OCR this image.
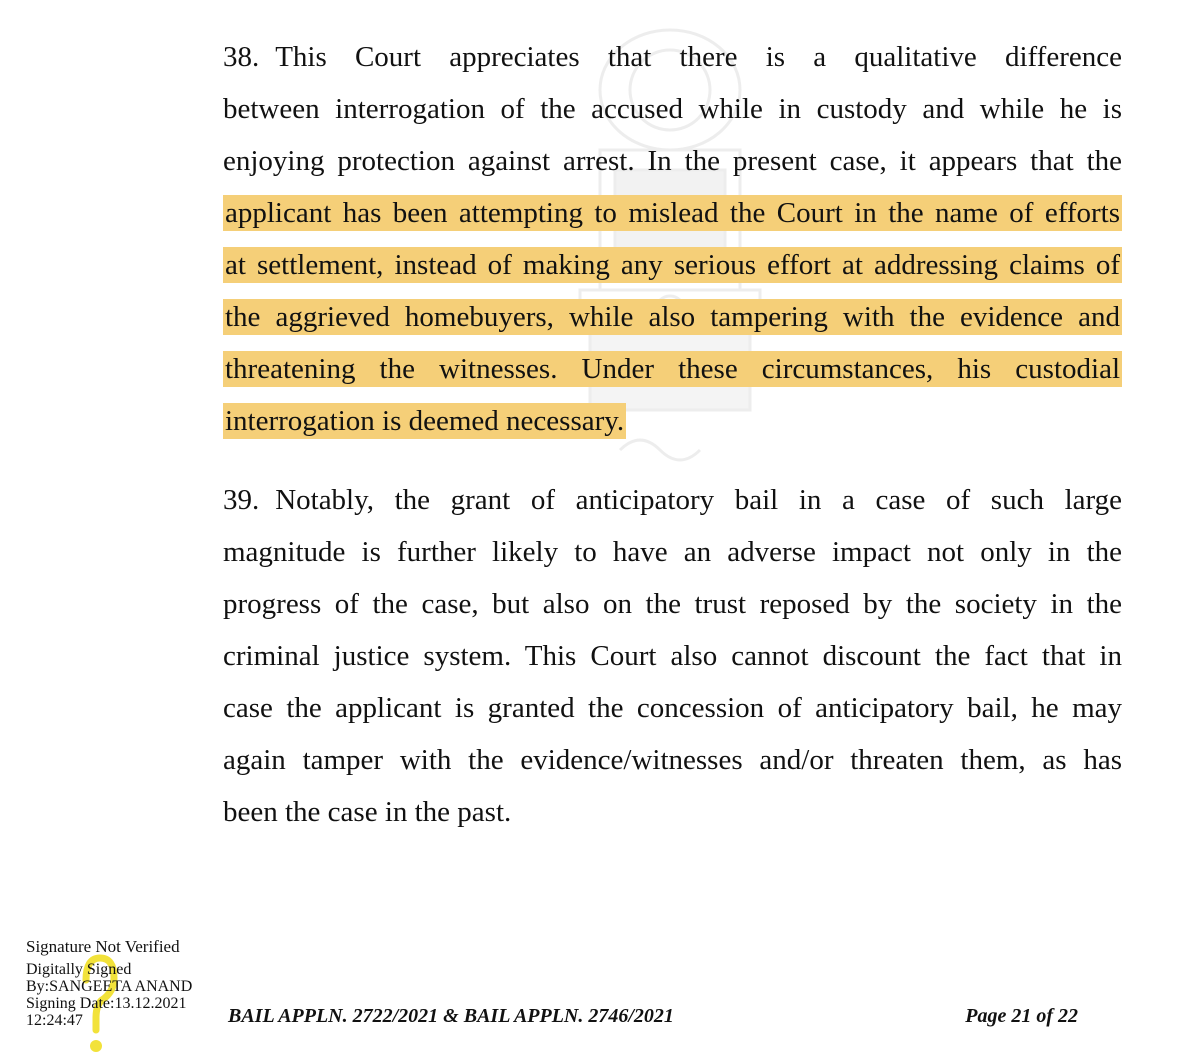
38. This Court appreciates that there is a qualitative difference
between interrogation of the accused while in custody and while he is
enjoying protection against arrest. In the present case, it appears that the
applicant has been attempting to mislead the Court in the name of efforts
at settlement, instead of making any serious effort at addressing claims of
the aggrieved homebuyers, while also tampering with the evidence and
threatening the witnesses. Under these circumstances, his custodial
interrogation is deemed necessary.
39. Notably, the grant of anticipatory bail in a case of such large
magnitude is further likely to have an adverse impact not only in the
progress of the case, but also on the trust reposed by the society in the
criminal justice system. This Court also cannot discount the fact that in
case the applicant is granted the concession of anticipatory bail, he may
again tamper with the evidence/witnesses and/or threaten them, as has
been the case in the past.
Signature Not Verified
Digitally Signed
By:SANGEETA ANAND
Signing Date:13.12.2021
12:24:47	BAIL APPLN. 2722/2021 & BAIL APPLN. 2746/2021	Page 21 of 22
